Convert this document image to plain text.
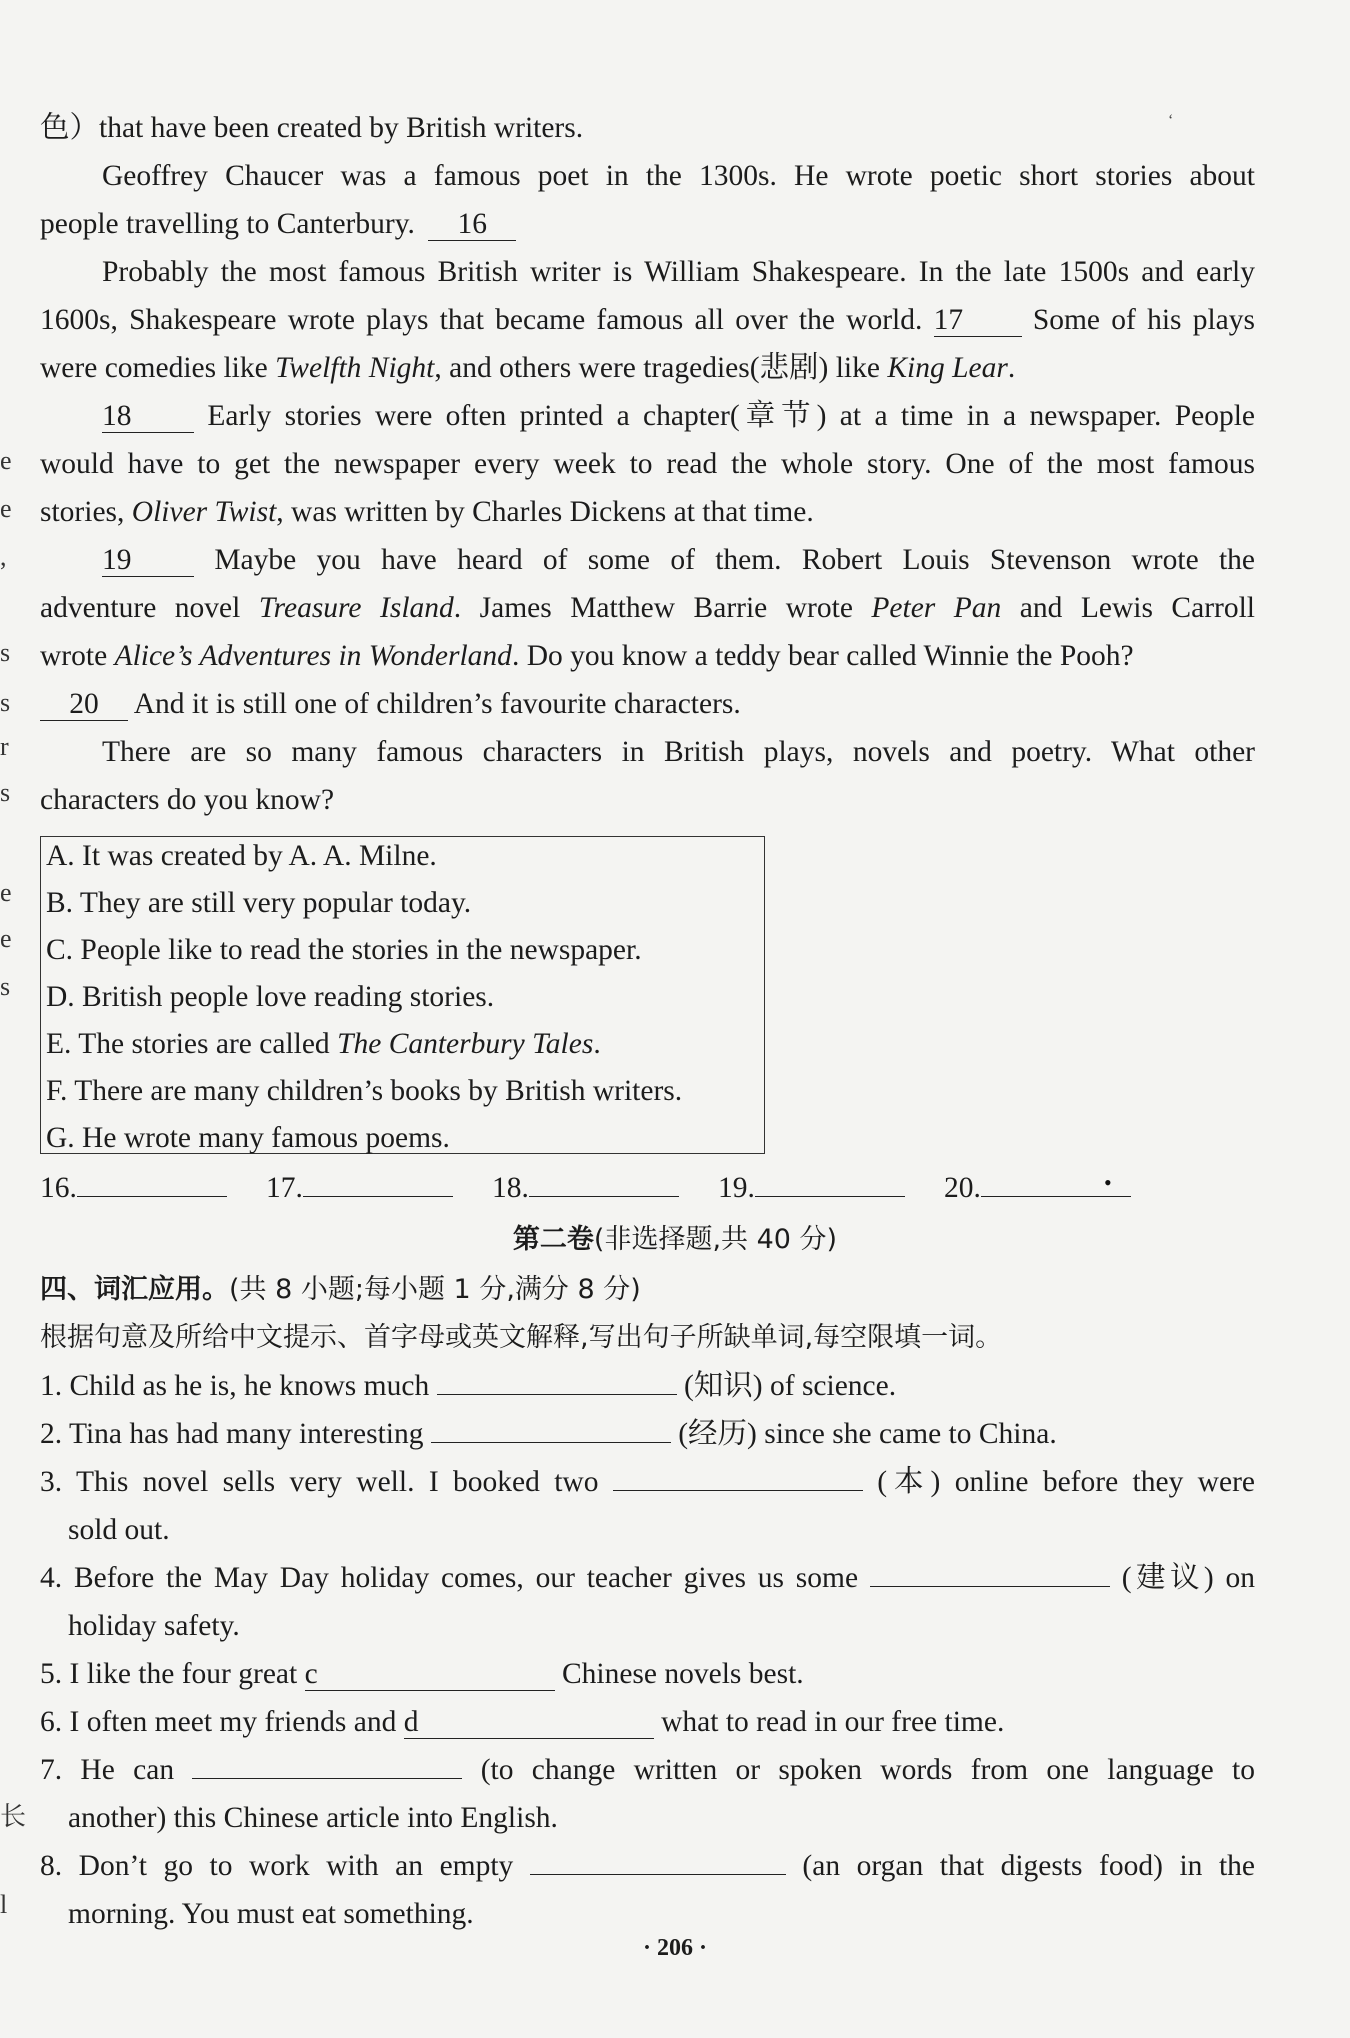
e
e
,
s
s
r
s
e
e
s
长
l
‘
•
色）that have been created by British writers.
Geoffrey Chaucer was a famous poet in the 1300s. He wrote poetic short stories about
people travelling to Canterbury. 16
Probably the most famous British writer is William Shakespeare. In the late 1500s and early
1600s, Shakespeare wrote plays that became famous all over the world. 17 Some of his plays
were comedies like Twelfth Night, and others were tragedies(悲剧) like King Lear.
18	Early stories were often printed a chapter(章节) at a time in a newspaper. People
would have to get the newspaper every week to read the whole story. One of the most famous
stories, Oliver Twist, was written by Charles Dickens at that time.
19	Maybe you have heard of some of them. Robert Louis Stevenson wrote the
adventure novel Treasure Island. James Matthew Barrie wrote Peter Pan and Lewis Carroll
wrote Alice’s Adventures in Wonderland. Do you know a teddy bear called Winnie the Pooh?
20 And it is still one of children’s favourite characters.
There are so many famous characters in British plays, novels and poetry. What other
characters do you know?
A. It was created by A. A. Milne.
B. They are still very popular today.
C. People like to read the stories in the newspaper.
D. British people love reading stories.
E. The stories are called The Canterbury Tales.
F. There are many children’s books by British writers.
G. He wrote many famous poems.
16.	17.	18.	19.	20.
第二卷(非选择题,共 40 分)
四、词汇应用。(共 8 小题;每小题 1 分,满分 8 分)
根据句意及所给中文提示、首字母或英文解释,写出句子所缺单词,每空限填一词。
1. Child as he is, he knows much	(知识) of science.
2. Tina has had many interesting	(经历) since she came to China.
3. This novel sells very well. I booked two	(本) online before they were
sold out.
4. Before the May Day holiday comes, our teacher gives us some	(建议) on
holiday safety.
5. I like the four great c	Chinese novels best.
6. I often meet my friends and d	what to read in our free time.
7. He can	(to change written or spoken words from one language to
another) this Chinese article into English.
8. Don’t go to work with an empty	(an organ that digests food) in the
morning. You must eat something.
· 206 ·
